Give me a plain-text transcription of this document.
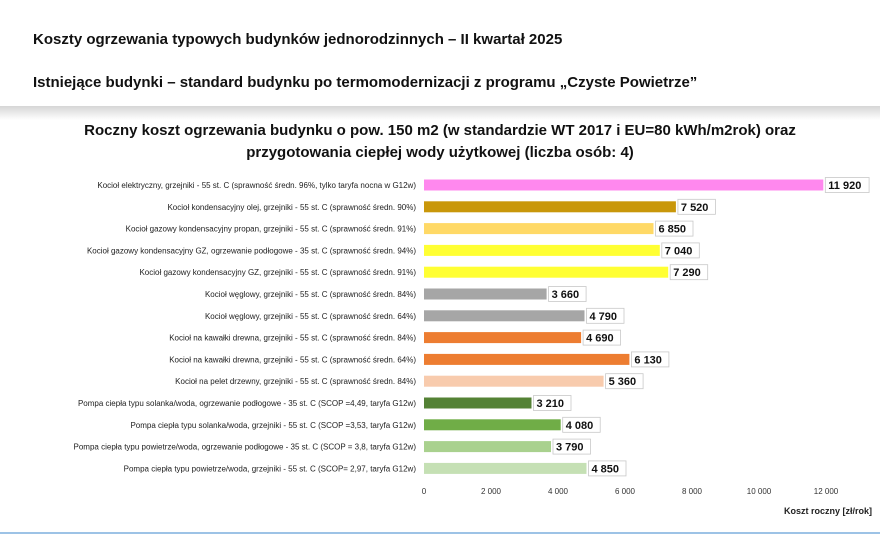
Koszty ogrzewania typowych budynków jednorodzinnych – II kwartał 2025
Istniejące budynki – standard budynku po termomodernizacji z programu „Czyste Powietrze”
Roczny koszt ogrzewania budynku o pow. 150 m2 (w standardzie WT 2017 i EU=80 kWh/m2rok) oraz
przygotowania ciepłej wody użytkowej (liczba osób: 4)
Kocioł elektryczny, grzejniki - 55 st. C (sprawność średn. 96%, tylko taryfa nocna w G12w)
Kocioł kondensacyjny olej, grzejniki - 55 st. C (sprawność średn. 90%)
Kocioł gazowy kondensacyjny propan, grzejniki - 55 st. C (sprawność średn. 91%)
Kocioł gazowy kondensacyjny GZ, ogrzewanie podłogowe - 35 st. C (sprawność średn. 94%)
Kocioł gazowy kondensacyjny GZ, grzejniki - 55 st. C (sprawność średn. 91%)
Kocioł węglowy, grzejniki - 55 st. C (sprawność średn. 84%)
Kocioł węglowy, grzejniki - 55 st. C (sprawność średn. 64%)
Kocioł na kawałki drewna, grzejniki - 55 st. C (sprawność średn. 84%)
Kocioł na kawałki drewna, grzejniki - 55 st. C (sprawność średn. 64%)
Kocioł na pelet drzewny, grzejniki - 55 st. C (sprawność średn. 84%)
Pompa ciepła typu solanka/woda, ogrzewanie podłogowe - 35 st. C (SCOP =4,49, taryfa G12w)
Pompa ciepła typu solanka/woda, grzejniki - 55 st. C (SCOP =3,53, taryfa G12w)
Pompa ciepła typu powietrze/woda, ogrzewanie podłogowe - 35 st. C (SCOP = 3,8, taryfa G12w)
Pompa ciepła typu powietrze/woda, grzejniki - 55 st. C (SCOP= 2,97, taryfa G12w)
11 920
7 520
6 850
7 040
7 290
3 660
4 790
4 690
6 130
5 360
3 210
4 080
3 790
4 850
0	2 000	4 000	6 000	8 000	10 000	12 000
Koszt roczny [zł/rok]
